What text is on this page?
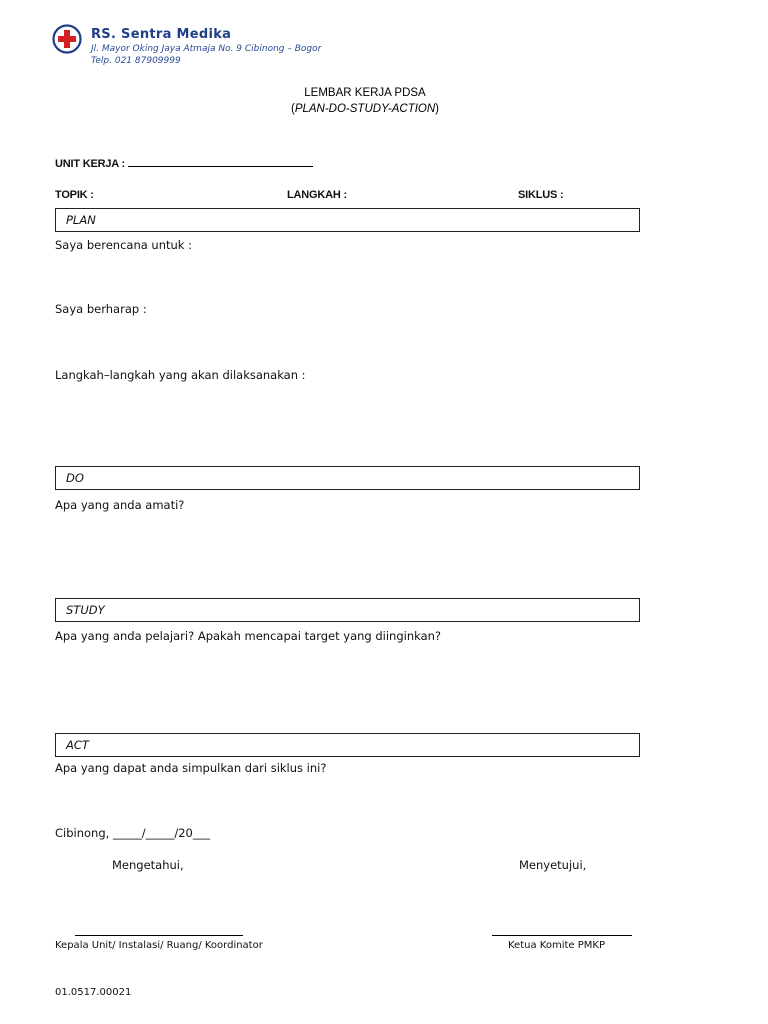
RS. Sentra Medika
Jl. Mayor Oking Jaya Atmaja No. 9 Cibinong – Bogor
Telp. 021 87909999
LEMBAR KERJA PDSA
(PLAN-DO-STUDY-ACTION)
UNIT KERJA :
TOPIK :	LANGKAH :	SIKLUS :
PLAN
Saya berencana untuk :
Saya berharap :
Langkah–langkah yang akan dilaksanakan :
DO
Apa yang anda amati?
STUDY
Apa yang anda pelajari? Apakah mencapai target yang diinginkan?
ACT
Apa yang dapat anda simpulkan dari siklus ini?
Cibinong, _____/_____/20___
Mengetahui,	Menyetujui,
Kepala Unit/ Instalasi/ Ruang/ Koordinator	Ketua Komite PMKP
01.0517.00021
